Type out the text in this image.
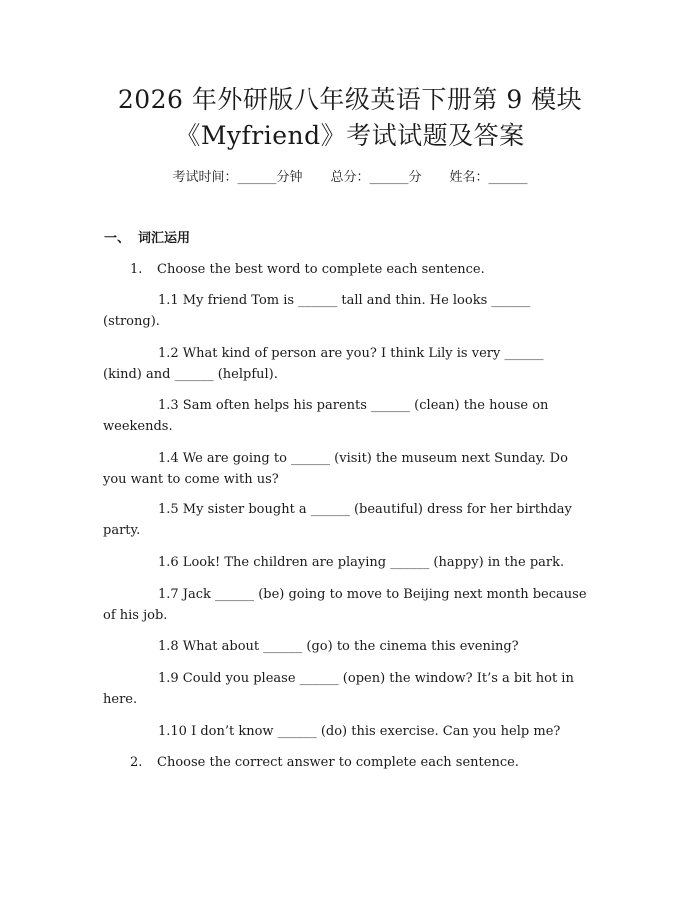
2026 年外研版八年级英语下册第 9 模块
《Myfriend》考试试题及答案
考试时间：______分钟 总分：______分 姓名：______
一、 词汇运用
1. Choose the best word to complete each sentence.
1.1 My friend Tom is ______ tall and thin. He looks ______
(strong).
1.2 What kind of person are you? I think Lily is very ______
(kind) and ______ (helpful).
1.3 Sam often helps his parents ______ (clean) the house on
weekends.
1.4 We are going to ______ (visit) the museum next Sunday. Do
you want to come with us?
1.5 My sister bought a ______ (beautiful) dress for her birthday
party.
1.6 Look! The children are playing ______ (happy) in the park.
1.7 Jack ______ (be) going to move to Beijing next month because
of his job.
1.8 What about ______ (go) to the cinema this evening?
1.9 Could you please ______ (open) the window? It’s a bit hot in
here.
1.10 I don’t know ______ (do) this exercise. Can you help me?
2. Choose the correct answer to complete each sentence.
